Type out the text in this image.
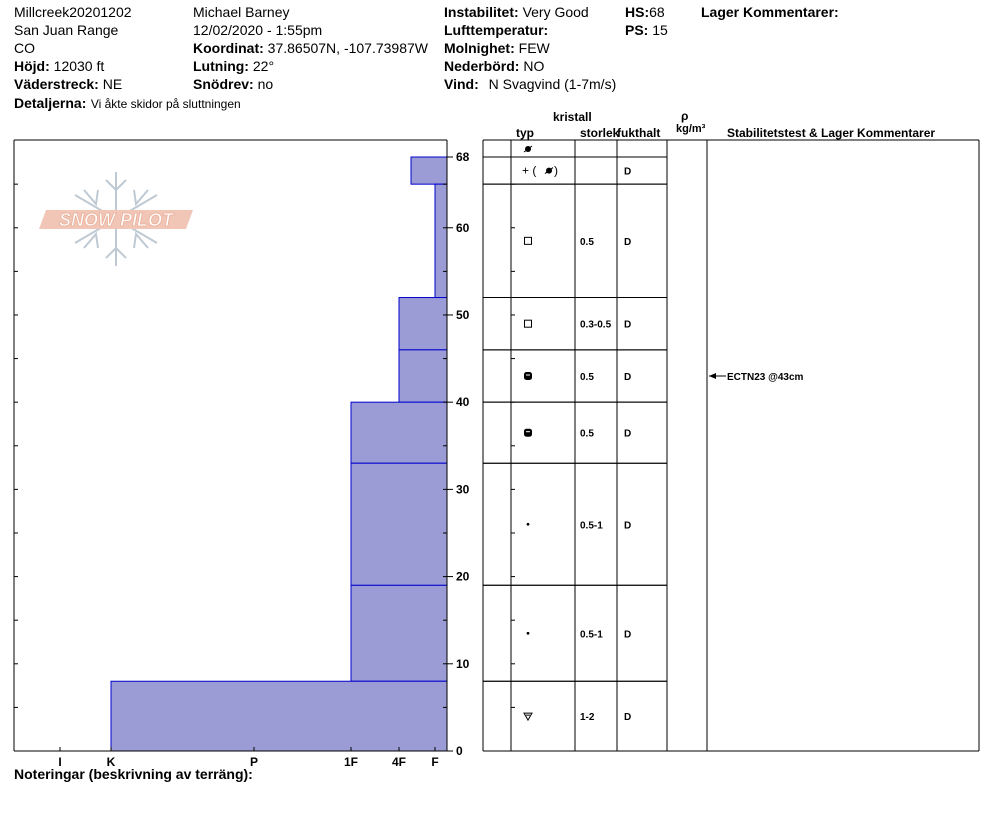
Millcreek20201202
San Juan Range
CO
Höjd: 12030 ft
Väderstreck: NE
Detaljerna: Vi åkte skidor på sluttningen
Michael Barney
12/02/2020 - 1:55pm
Koordinat: 37.86507N, -107.73987W
Lutning: 22°
Snödrev: no
Instabilitet: Very Good
Lufttemperatur:
Molnighet: FEW
Nederbörd: NO
Vind: N Svagvind (1-7m/s)
HS:68
PS: 15
Lager Kommentarer:
kristall
typ	storlek
fukthalt
ρ
kg/m³ Stabilitetstest & Lager Kommentarer
Noteringar (beskrivning av terräng):
SNOW PILOT
0
10
20
30
40
50
60
68
I	K	P	1F	4F F
+ ( )	D
0.5	D
0.3-0.5 D
0.5	D
0.5	D
0.5-1 D
0.5-1 D
1-2	D
ECTN23 @43cm
